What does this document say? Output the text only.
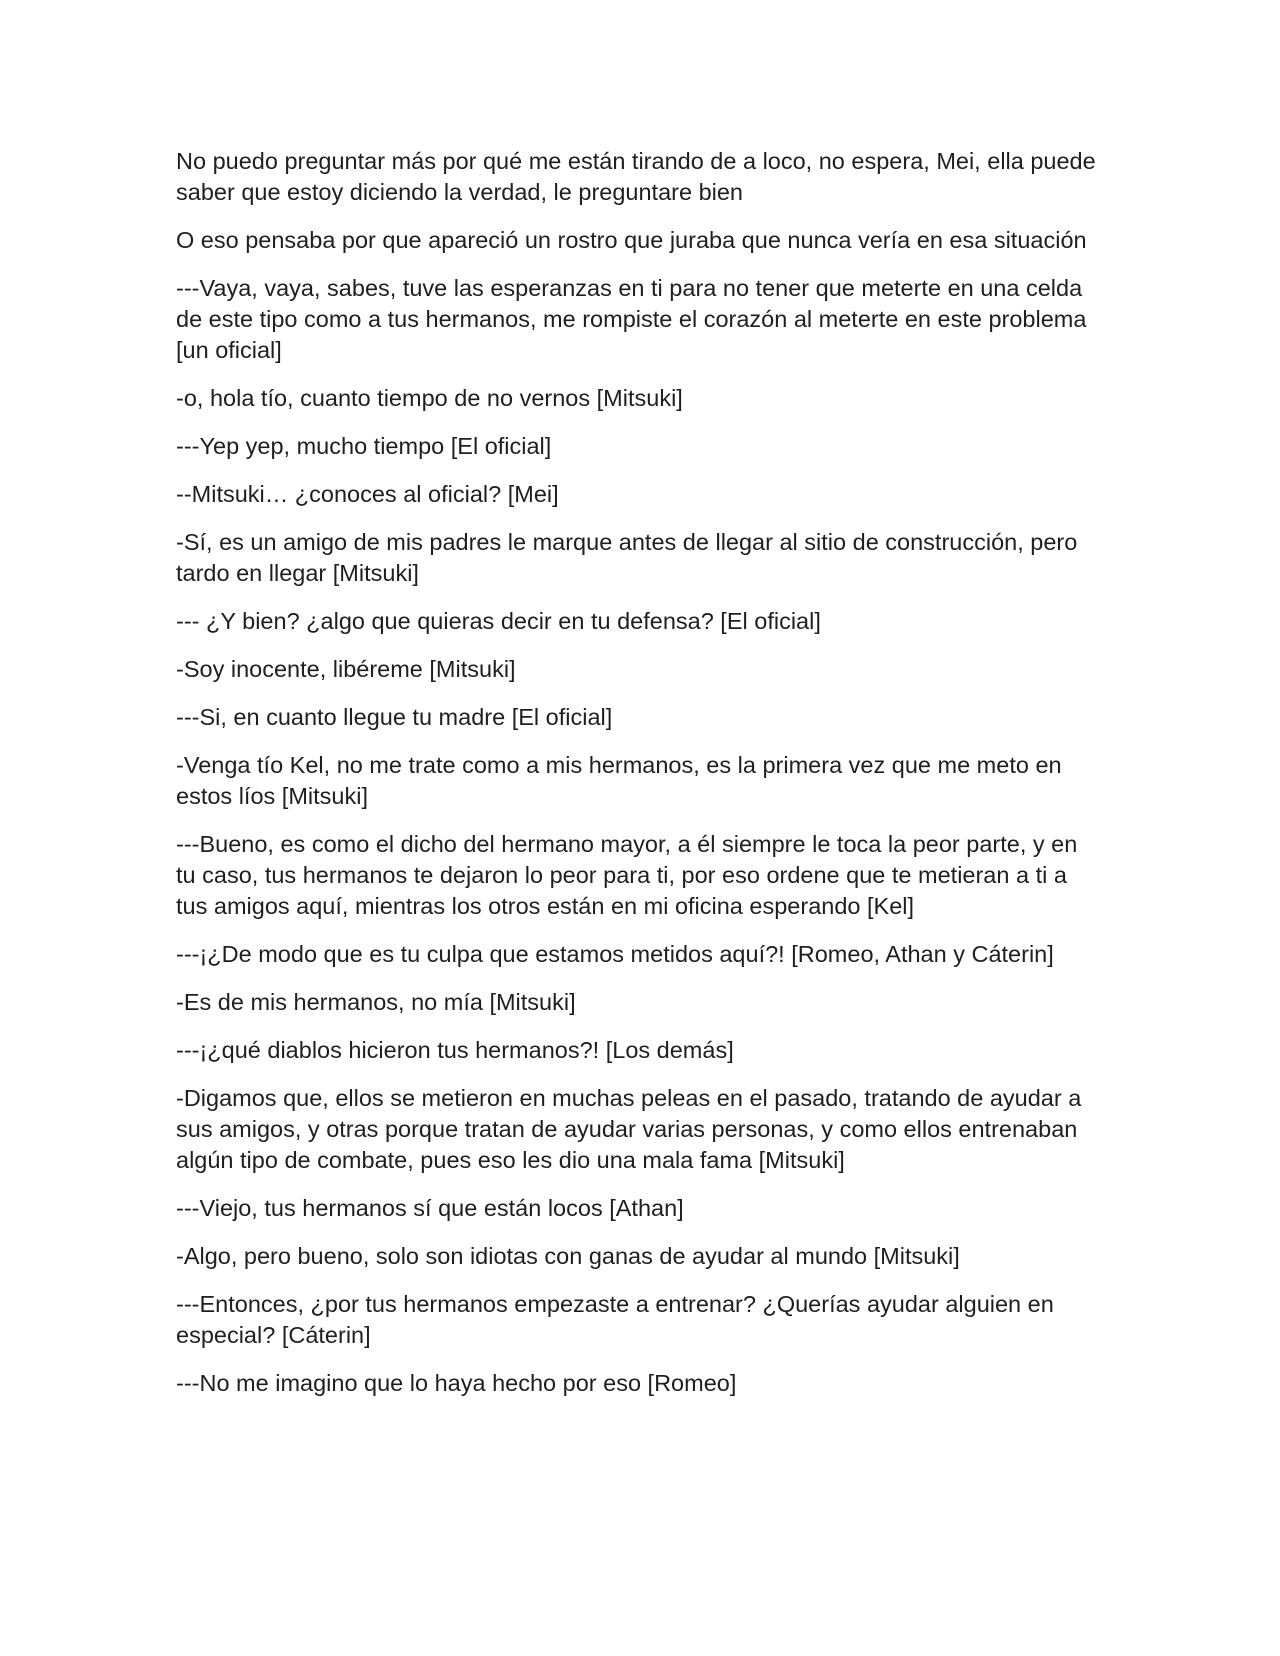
No puedo preguntar más por qué me están tirando de a loco, no espera, Mei, ella puede saber que estoy diciendo la verdad, le preguntare bien

O eso pensaba por que apareció un rostro que juraba que nunca vería en esa situación

---Vaya, vaya, sabes, tuve las esperanzas en ti para no tener que meterte en una celda de este tipo como a tus hermanos, me rompiste el corazón al meterte en este problema [un oficial]

-o, hola tío, cuanto tiempo de no vernos [Mitsuki]

---Yep yep, mucho tiempo [El oficial]

--Mitsuki… ¿conoces al oficial? [Mei]

-Sí, es un amigo de mis padres le marque antes de llegar al sitio de construcción, pero tardo en llegar [Mitsuki]

--- ¿Y bien? ¿algo que quieras decir en tu defensa? [El oficial]

-Soy inocente, libéreme [Mitsuki]

---Si, en cuanto llegue tu madre [El oficial]

-Venga tío Kel, no me trate como a mis hermanos, es la primera vez que me meto en estos líos [Mitsuki]

---Bueno, es como el dicho del hermano mayor, a él siempre le toca la peor parte, y en tu caso, tus hermanos te dejaron lo peor para ti, por eso ordene que te metieran a ti a tus amigos aquí, mientras los otros están en mi oficina esperando [Kel]

---¡¿De modo que es tu culpa que estamos metidos aquí?! [Romeo, Athan y Cáterin]

-Es de mis hermanos, no mía [Mitsuki]

---¡¿qué diablos hicieron tus hermanos?! [Los demás]

-Digamos que, ellos se metieron en muchas peleas en el pasado, tratando de ayudar a sus amigos, y otras porque tratan de ayudar varias personas, y como ellos entrenaban algún tipo de combate, pues eso les dio una mala fama [Mitsuki]

---Viejo, tus hermanos sí que están locos [Athan]

-Algo, pero bueno, solo son idiotas con ganas de ayudar al mundo [Mitsuki]

---Entonces, ¿por tus hermanos empezaste a entrenar? ¿Querías ayudar alguien en especial? [Cáterin]

---No me imagino que lo haya hecho por eso [Romeo]
